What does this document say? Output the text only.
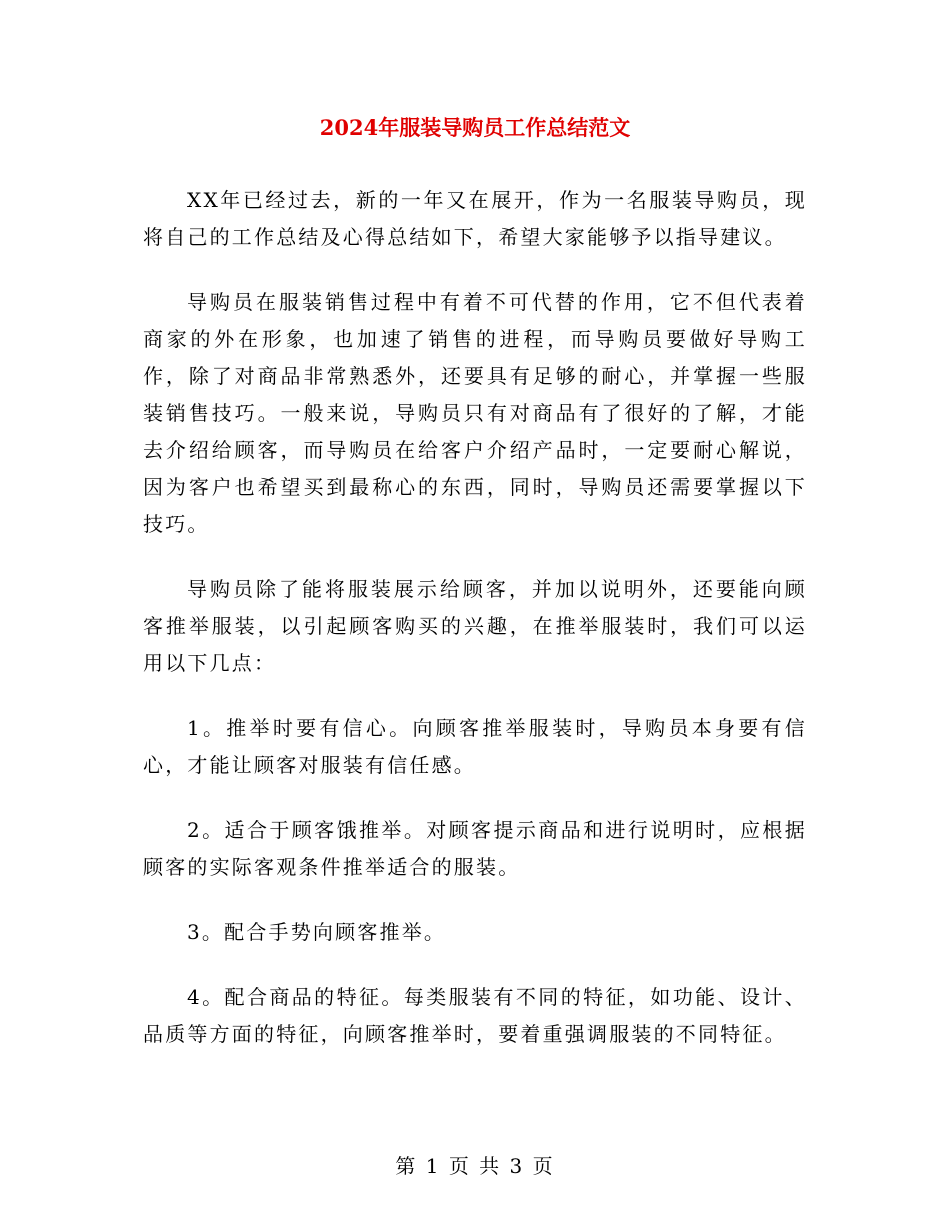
2024年服装导购员工作总结范文

XX年已经过去，新的一年又在展开，作为一名服装导购员，现将自己的工作总结及心得总结如下，希望大家能够予以指导建议。

导购员在服装销售过程中有着不可代替的作用，它不但代表着商家的外在形象，也加速了销售的进程，而导购员要做好导购工作，除了对商品非常熟悉外，还要具有足够的耐心，并掌握一些服装销售技巧。一般来说，导购员只有对商品有了很好的了解，才能去介绍给顾客，而导购员在给客户介绍产品时，一定要耐心解说，因为客户也希望买到最称心的东西，同时，导购员还需要掌握以下技巧。

导购员除了能将服装展示给顾客，并加以说明外，还要能向顾客推举服装，以引起顾客购买的兴趣，在推举服装时，我们可以运用以下几点：

1。推举时要有信心。向顾客推举服装时，导购员本身要有信心，才能让顾客对服装有信任感。

2。适合于顾客饿推举。对顾客提示商品和进行说明时，应根据顾客的实际客观条件推举适合的服装。

3。配合手势向顾客推举。

4。配合商品的特征。每类服装有不同的特征，如功能、设计、品质等方面的特征，向顾客推举时，要着重强调服装的不同特征。

第 1 页 共 3 页
